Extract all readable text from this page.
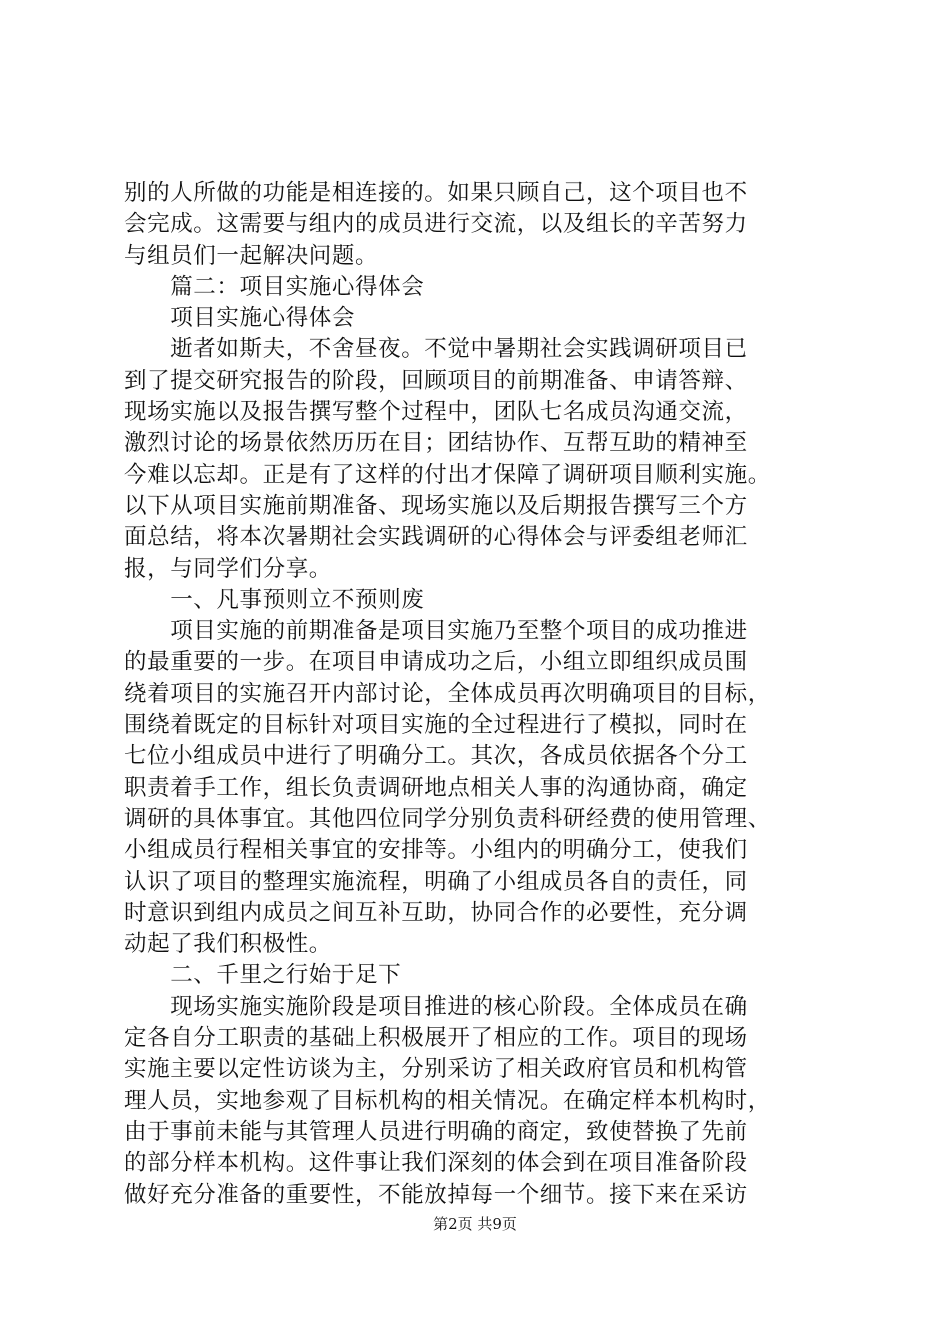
别的人所做的功能是相连接的。如果只顾自己，这个项目也不
会完成。这需要与组内的成员进行交流，以及组长的辛苦努力
与组员们一起解决问题。
　　篇二：项目实施心得体会
　　项目实施心得体会
　　逝者如斯夫，不舍昼夜。不觉中暑期社会实践调研项目已
到了提交研究报告的阶段，回顾项目的前期准备、申请答辩、
现场实施以及报告撰写整个过程中，团队七名成员沟通交流，
激烈讨论的场景依然历历在目；团结协作、互帮互助的精神至
今难以忘却。正是有了这样的付出才保障了调研项目顺利实施。
以下从项目实施前期准备、现场实施以及后期报告撰写三个方
面总结，将本次暑期社会实践调研的心得体会与评委组老师汇
报，与同学们分享。
　　一、凡事预则立不预则废
　　项目实施的前期准备是项目实施乃至整个项目的成功推进
的最重要的一步。在项目申请成功之后，小组立即组织成员围
绕着项目的实施召开内部讨论，全体成员再次明确项目的目标，
围绕着既定的目标针对项目实施的全过程进行了模拟，同时在
七位小组成员中进行了明确分工。其次，各成员依据各个分工
职责着手工作，组长负责调研地点相关人事的沟通协商，确定
调研的具体事宜。其他四位同学分别负责科研经费的使用管理、
小组成员行程相关事宜的安排等。小组内的明确分工，使我们
认识了项目的整理实施流程，明确了小组成员各自的责任，同
时意识到组内成员之间互补互助，协同合作的必要性，充分调
动起了我们积极性。
　　二、千里之行始于足下
　　现场实施实施阶段是项目推进的核心阶段。全体成员在确
定各自分工职责的基础上积极展开了相应的工作。项目的现场
实施主要以定性访谈为主，分别采访了相关政府官员和机构管
理人员，实地参观了目标机构的相关情况。在确定样本机构时，
由于事前未能与其管理人员进行明确的商定，致使替换了先前
的部分样本机构。这件事让我们深刻的体会到在项目准备阶段
做好充分准备的重要性，不能放掉每一个细节。接下来在采访
第2页 共9页
